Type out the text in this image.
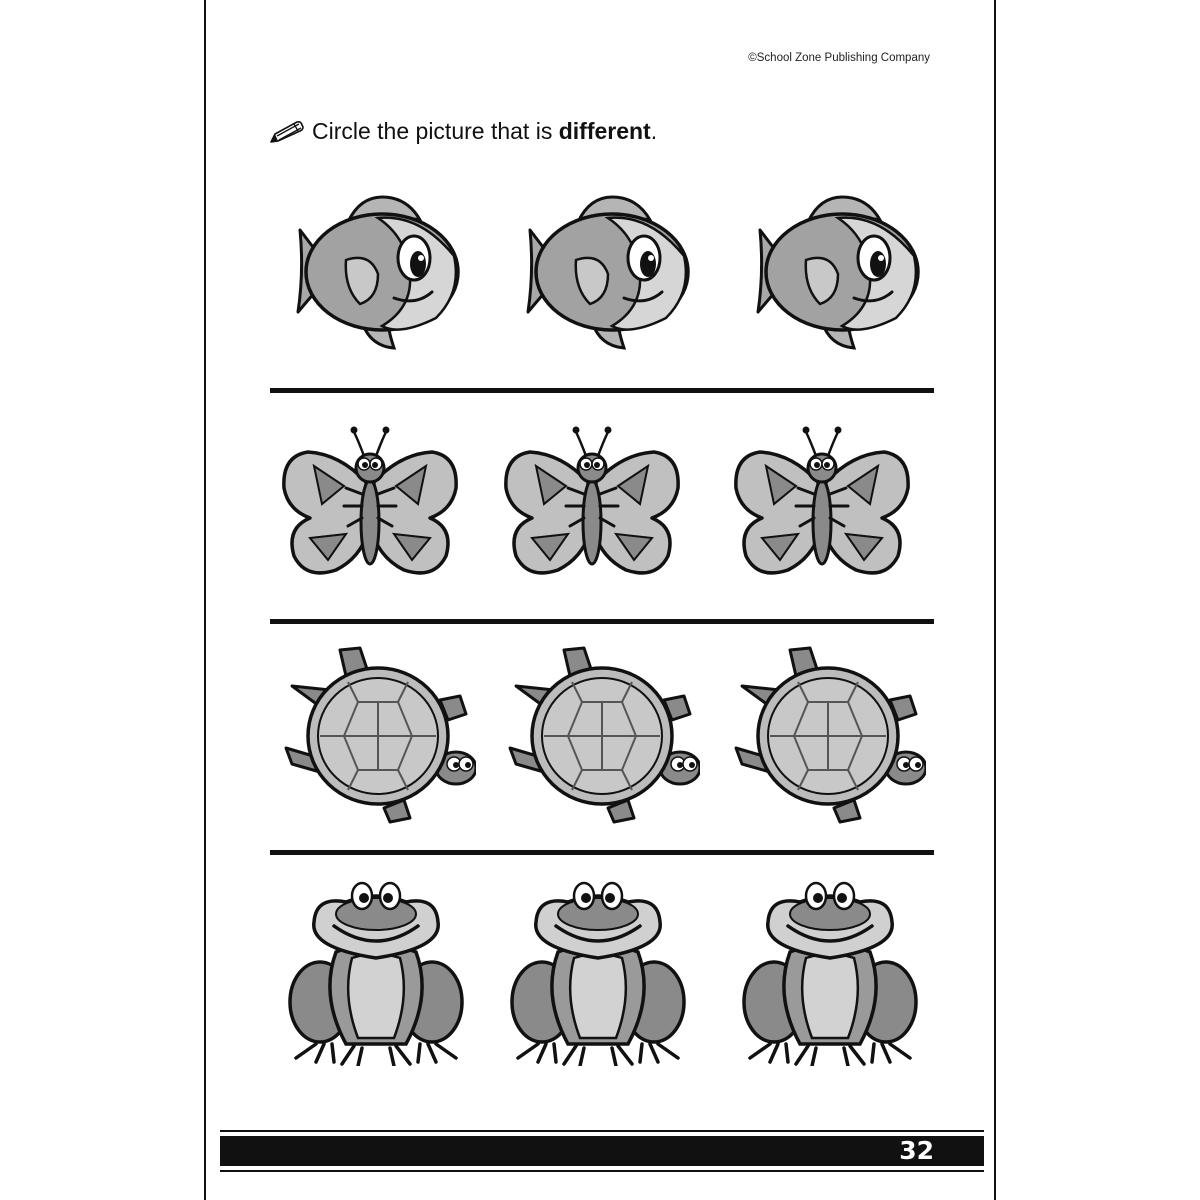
©School Zone Publishing Company
Circle the picture that is
different .
32
